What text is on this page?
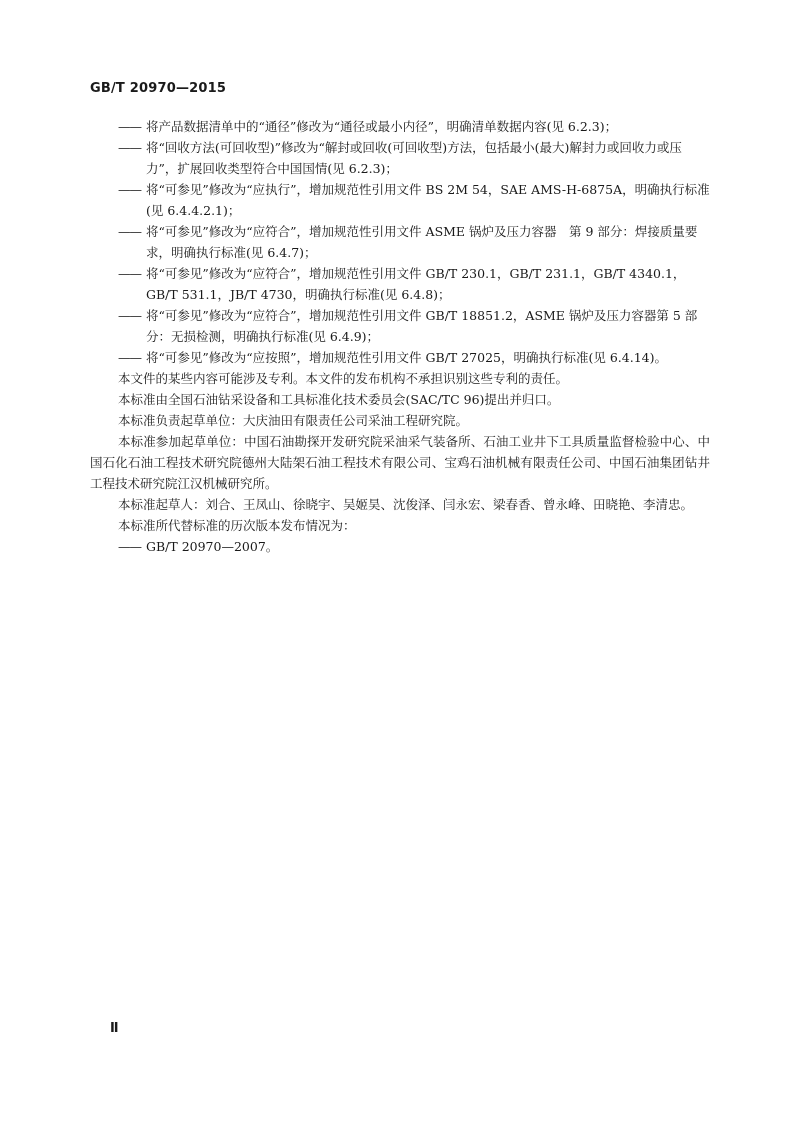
GB/T 20970—2015
—— 将产品数据清单中的“通径”修改为“通径或最小内径”，明确清单数据内容(见 6.2.3)；
—— 将“回收方法(可回收型)”修改为“解封或回收(可回收型)方法，包括最小(最大)解封力或回收力或压力”，扩展回收类型符合中国国情(见 6.2.3)；
—— 将“可参见”修改为“应执行”，增加规范性引用文件 BS 2M 54，SAE AMS-H-6875A，明确执行标准(见 6.4.4.2.1)；
—— 将“可参见”修改为“应符合”，增加规范性引用文件 ASME 锅炉及压力容器　第 9 部分：焊接质量要求，明确执行标准(见 6.4.7)；
—— 将“可参见”修改为“应符合”，增加规范性引用文件 GB/T 230.1，GB/T 231.1，GB/T 4340.1，GB/T 531.1，JB/T 4730，明确执行标准(见 6.4.8)；
—— 将“可参见”修改为“应符合”，增加规范性引用文件 GB/T 18851.2，ASME 锅炉及压力容器第 5 部分：无损检测，明确执行标准(见 6.4.9)；
—— 将“可参见”修改为“应按照”，增加规范性引用文件 GB/T 27025，明确执行标准(见 6.4.14)。

本文件的某些内容可能涉及专利。本文件的发布机构不承担识别这些专利的责任。

本标准由全国石油钻采设备和工具标准化技术委员会(SAC/TC 96)提出并归口。

本标准负责起草单位：大庆油田有限责任公司采油工程研究院。

本标准参加起草单位：中国石油勘探开发研究院采油采气装备所、石油工业井下工具质量监督检验中心、中国石化石油工程技术研究院德州大陆架石油工程技术有限公司、宝鸡石油机械有限责任公司、中国石油集团钻井工程技术研究院江汉机械研究所。

本标准起草人：刘合、王凤山、徐晓宇、吴姬昊、沈俊泽、闫永宏、梁春香、曾永峰、田晓艳、李清忠。

本标准所代替标准的历次版本发布情况为：

—— GB/T 20970—2007。
Ⅱ
